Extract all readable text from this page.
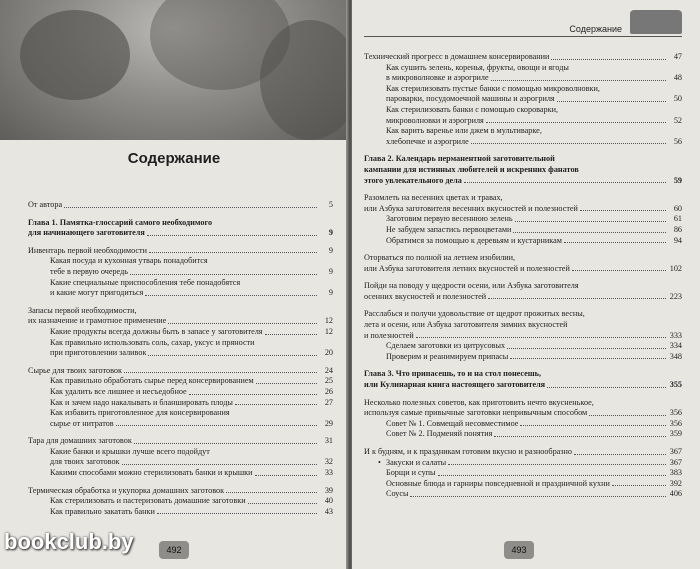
Содержание
От автора	5
Глава 1. Памятка-глоссарий самого необходимого
для начинающего заготовителя	9
Инвентарь первой необходимости	9
Какая посуда и кухонная утварь понадобится
тебе в первую очередь	9
Какие специальные приспособления тебе понадобятся
и какие могут пригодиться	9
Запасы первой необходимости,
их назначение и грамотное применение	12
Какие продукты всегда должны быть в запасе у заготовителя	12
Как правильно использовать соль, сахар, уксус и пряности
при приготовлении заливок	20
Сырье для твоих заготовок	24
Как правильно обработать сырье перед консервированием	25
Как удалить все лишнее и несъедобное	26
Как и зачем надо накалывать и бланшировать плоды	27
Как избавить приготовленное для консервирования
сырье от нитратов	29
Тара для домашних заготовок	31
Какие банки и крышки лучше всего подойдут
для твоих заготовок	32
Какими способами можно стерилизовать банки и крышки	33
Термическая обработка и укупорка домашних заготовок	39
Как стерилизовать и пастеризовать домашние заготовки	40
Как правильно закатать банки	43
492
bookclub.by
Содержание
Технический прогресс в домашнем консервировании	47
Как сушить зелень, коренья, фрукты, овощи и ягоды
в микроволновке и аэрогриле	48
Как стерилизовать пустые банки с помощью микроволновки,
пароварки, посудомоечной машины и аэрогриля	50
Как стерилизовать банки с помощью скороварки,
микроволновки и аэрогриля	52
Как варить варенье или джем в мультиварке,
хлебопечке и аэрогриле	56
Глава 2. Календарь перманентной заготовительной
кампании для истинных любителей и искренних фанатов
этого увлекательного дела	59
Разомлеть на весенних цветах и травах,
или Азбука заготовителя весенних вкусностей и полезностей	60
Заготовим первую весеннюю зелень	61
Не забудем запастись первоцветами	86
Обратимся за помощью к деревьям и кустарникам	94
Оторваться по полной на летнем изобилии,
или Азбука заготовителя летних вкусностей и полезностей	102
Пойди на поводу у щедрости осени, или Азбука заготовителя
осенних вкусностей и полезностей	223
Расслабься и получи удовольствие от щедрот прожитых весны,
лета и осени, или Азбука заготовителя зимних вкусностей
и полезностей	333
Сделаем заготовки из цитрусовых	334
Проверим и реанимируем припасы	348
Глава 3. Что припасешь, то и на стол понесешь,
или Кулинарная книга настоящего заготовителя	355
Несколько полезных советов, как приготовить нечто вкусненькое,
используя самые привычные заготовки непривычным способом	356
Совет № 1. Совмещай несовместимое	356
Совет № 2. Подменяй понятия	359
И к будням, и к праздникам готовим вкусно и разнообразно	367
• Закуски и салаты	367
Борщи и супы	383
Основные блюда и гарниры повседневной и праздничной кухни	392
Соусы	406
493
